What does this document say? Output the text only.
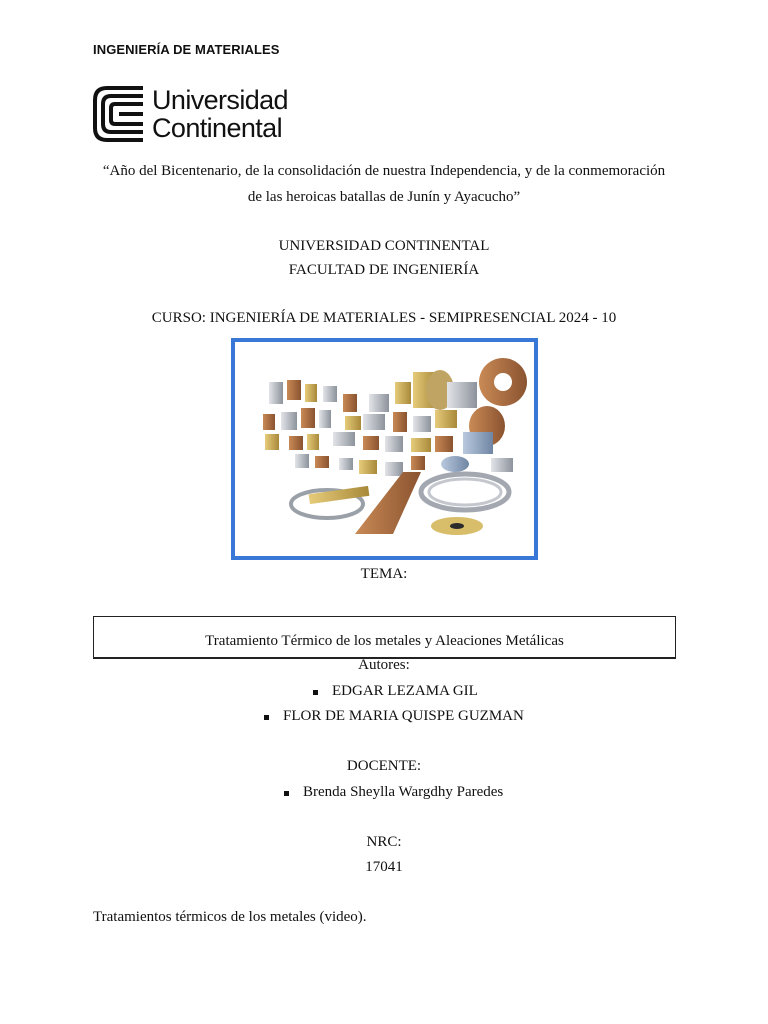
INGENIERÍA DE MATERIALES
Universidad
Continental
“Año del Bicentenario, de la consolidación de nuestra Independencia, y de la conmemoración
de las heroicas batallas de Junín y Ayacucho”
UNIVERSIDAD CONTINENTAL
FACULTAD DE INGENIERÍA
CURSO: INGENIERÍA DE MATERIALES - SEMIPRESENCIAL 2024 - 10
TEMA:
Tratamiento Térmico de los metales y Aleaciones Metálicas
Autores:
EDGAR LEZAMA GIL
FLOR DE MARIA QUISPE GUZMAN
DOCENTE:
Brenda Sheylla Wargdhy Paredes
NRC:
17041
Tratamientos térmicos de los metales (video).
